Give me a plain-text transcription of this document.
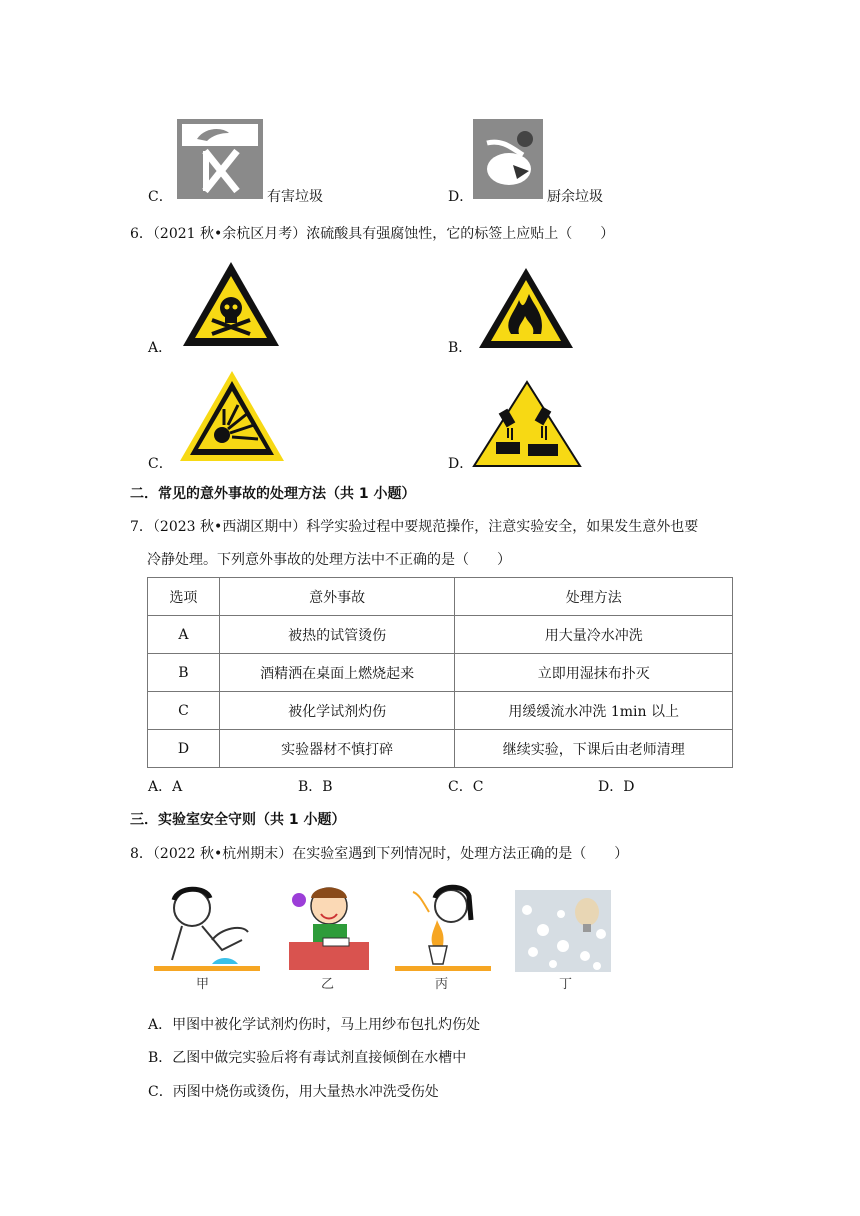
C．	有害垃圾	D．	厨余垃圾
6．（2021 秋•余杭区月考）浓硫酸具有强腐蚀性，它的标签上应贴上（　　）
A．	B．
C．	D．
二．常见的意外事故的处理方法（共 1 小题）
7．（2023 秋•西湖区期中）科学实验过程中要规范操作，注意实验安全，如果发生意外也要
冷静处理。下列意外事故的处理方法中不正确的是（　　）
选项	意外事故	处理方法
A	被热的试管烫伤	用大量冷水冲洗
B	酒精洒在桌面上燃烧起来	立即用湿抹布扑灭
C	被化学试剂灼伤	用缓缓流水冲洗 1min 以上
D	实验器材不慎打碎	继续实验，下课后由老师清理
A．A	B．B	C．C	D．D
三．实验室安全守则（共 1 小题）
8．（2022 秋•杭州期末）在实验室遇到下列情况时，处理方法正确的是（　　）
甲	乙	丙	丁
A．甲图中被化学试剂灼伤时，马上用纱布包扎灼伤处
B．乙图中做完实验后将有毒试剂直接倾倒在水槽中
C．丙图中烧伤或烫伤，用大量热水冲洗受伤处
